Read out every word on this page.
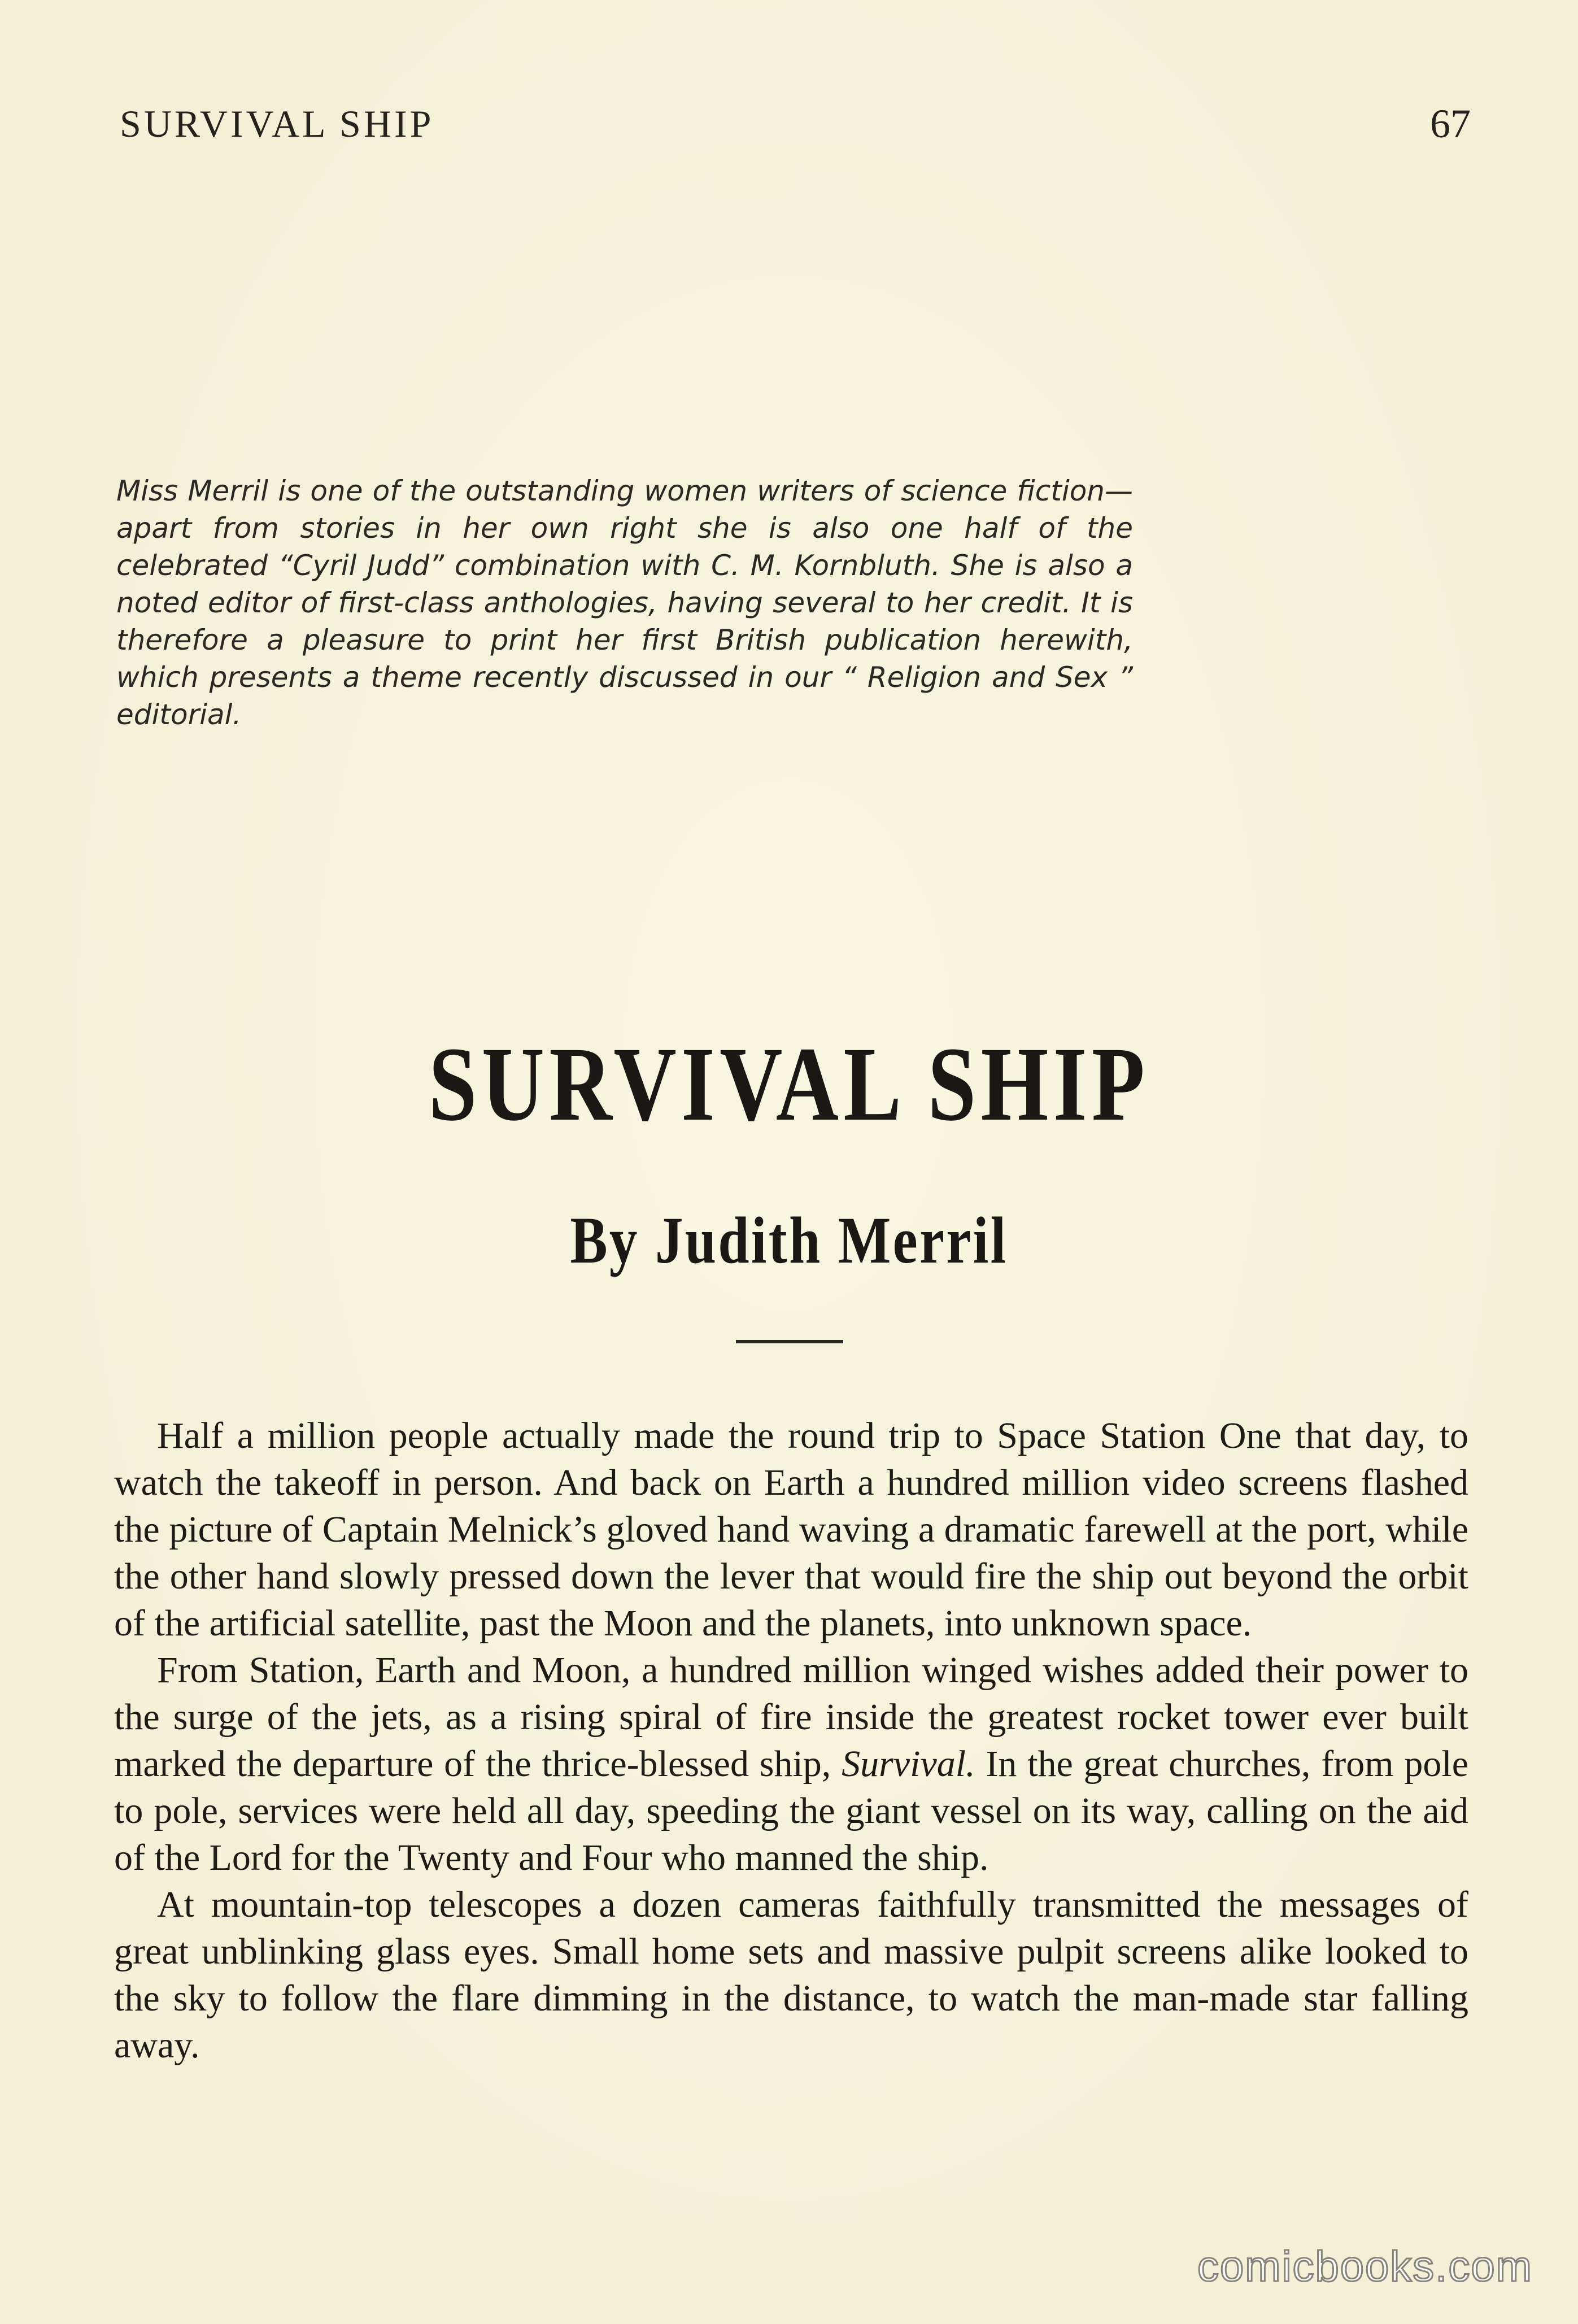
SURVIVAL SHIP	67
Miss Merril is one of the outstanding women writers of science fiction—apart from stories in her own right she is also one half of the celebrated “Cyril Judd” combination with C. M. Kornbluth. She is also a noted editor of first-class anthologies, having several to her credit. It is therefore a pleasure to print her first British publication herewith, which presents a theme recently discussed in our “ Religion and Sex ” editorial.
SURVIVAL SHIP
By Judith Merril

Half a million people actually made the round trip to Space Station One that day, to watch the takeoff in person. And back on Earth a hundred million video screens flashed the picture of Captain Melnick’s gloved hand waving a dramatic farewell at the port, while the other hand slowly pressed down the lever that would fire the ship out beyond the orbit of the artificial satellite, past the Moon and the planets, into unknown space.

From Station, Earth and Moon, a hundred million winged wishes added their power to the surge of the jets, as a rising spiral of fire inside the greatest rocket tower ever built marked the departure of the thrice-blessed ship, Survival. In the great churches, from pole to pole, services were held all day, speeding the giant vessel on its way, calling on the aid of the Lord for the Twenty and Four who manned the ship.

At mountain-top telescopes a dozen cameras faithfully transmitted the messages of great unblinking glass eyes. Small home sets and massive pulpit screens alike looked to the sky to follow the flare dimming in the distance, to watch the man-made star falling away.

comicbooks.com
